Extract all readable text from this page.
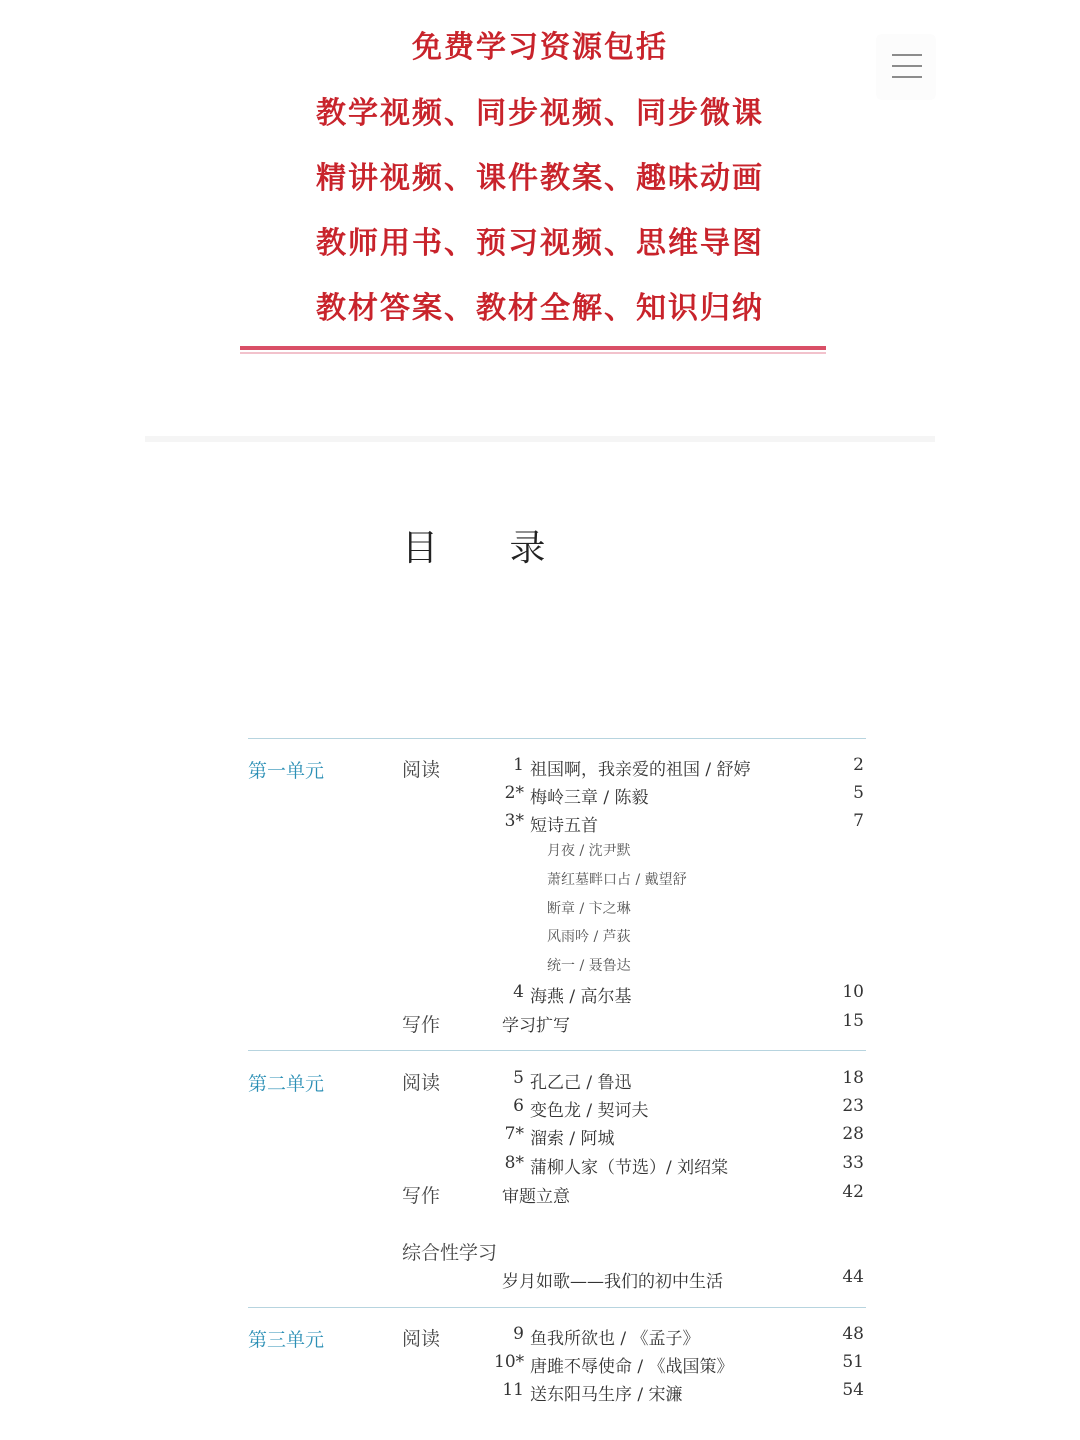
免费学习资源包括
教学视频、同步视频、同步微课
精讲视频、课件教案、趣味动画
教师用书、预习视频、思维导图
教材答案、教材全解、知识归纳
目 录
第一单元	阅读	1 祖国啊，我亲爱的祖国 / 舒婷	2
2* 梅岭三章 / 陈毅	5
3* 短诗五首	7
月夜 / 沈尹默
萧红墓畔口占 / 戴望舒
断章 / 卞之琳
风雨吟 / 芦荻
统一 / 聂鲁达
4 海燕 / 高尔基	10
写作	学习扩写	15
第二单元	阅读	5 孔乙己 / 鲁迅	18
6 变色龙 / 契诃夫	23
7* 溜索 / 阿城	28
8* 蒲柳人家（节选）/ 刘绍棠	33
写作	审题立意	42
综合性学习
岁月如歌——我们的初中生活	44
第三单元	阅读	9 鱼我所欲也 / 《孟子》	48
10* 唐雎不辱使命 / 《战国策》	51
11 送东阳马生序 / 宋濂	54
